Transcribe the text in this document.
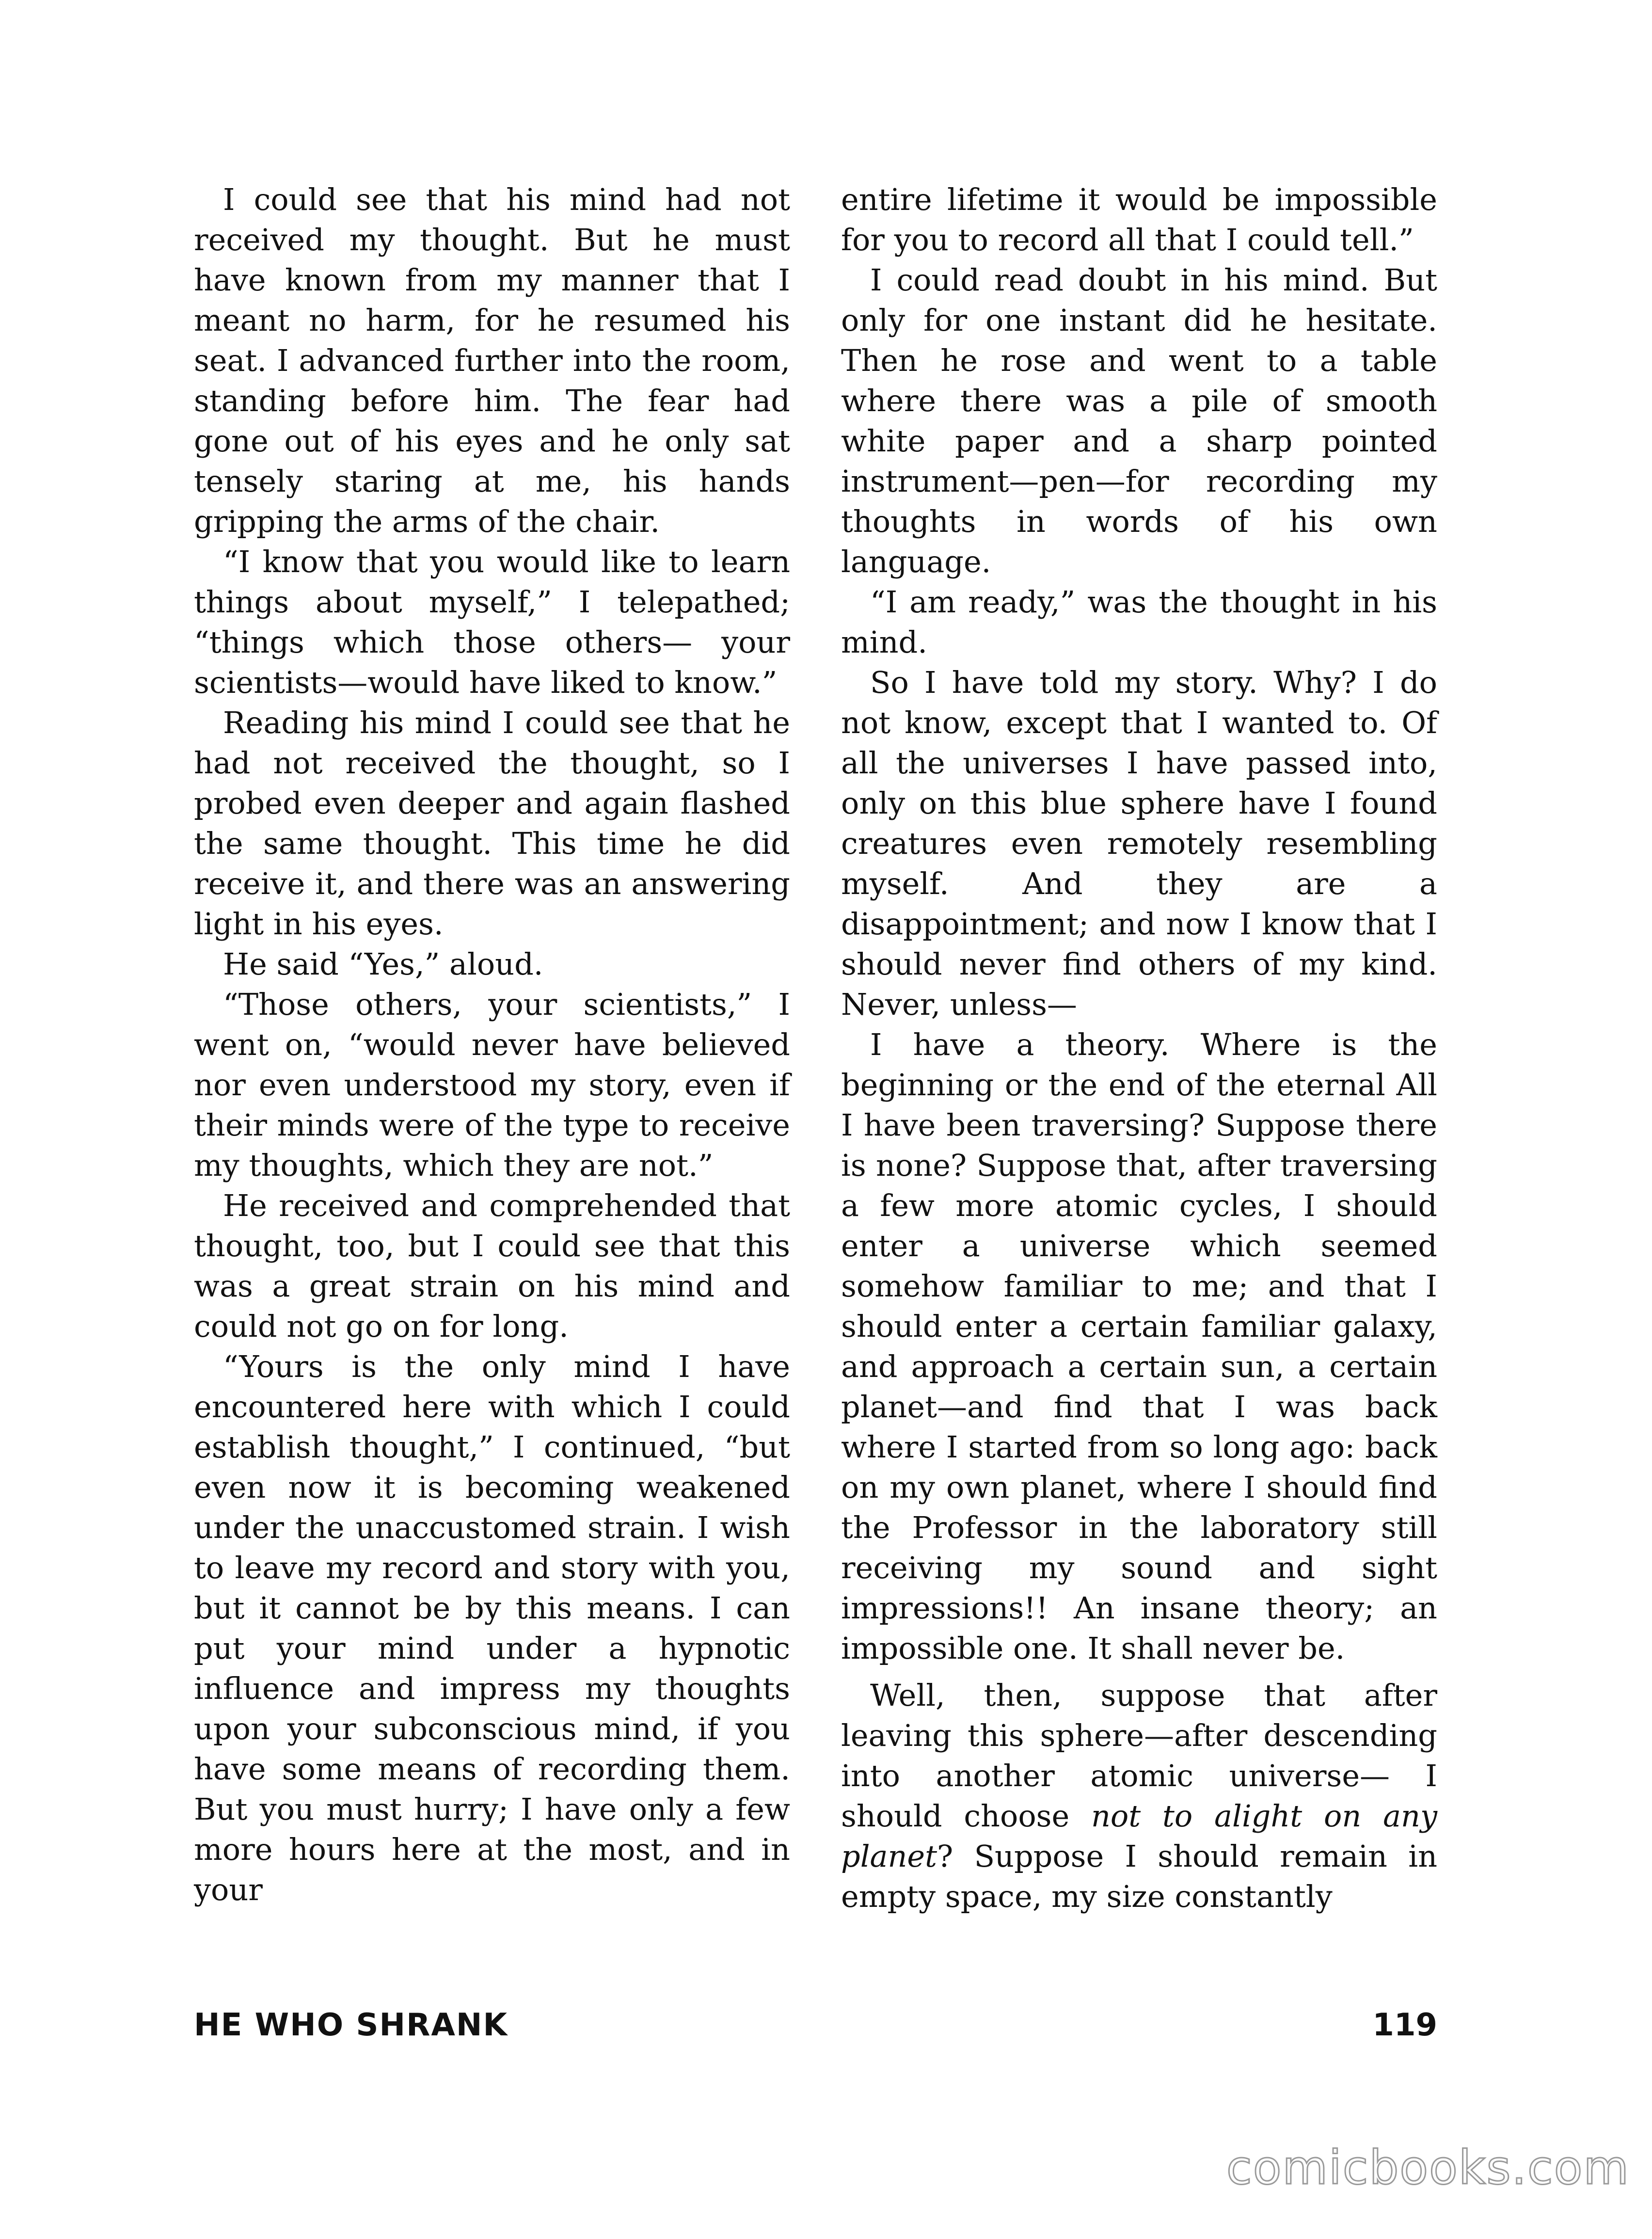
I could see that his mind had not received my thought. But he must have known from my manner that I meant no harm, for he resumed his seat. I advanced further into the room, standing before him. The fear had gone out of his eyes and he only sat tensely staring at me, his hands gripping the arms of the chair.

“I know that you would like to learn things about myself,” I telepathed; “things which those others— your scientists—would have liked to know.”

Reading his mind I could see that he had not received the thought, so I probed even deeper and again flashed the same thought. This time he did receive it, and there was an answering light in his eyes.

He said “Yes,” aloud.

“Those others, your scientists,” I went on, “would never have believed nor even understood my story, even if their minds were of the type to receive my thoughts, which they are not.”

He received and comprehended that thought, too, but I could see that this was a great strain on his mind and could not go on for long.

“Yours is the only mind I have encountered here with which I could establish thought,” I continued, “but even now it is becoming weakened under the unaccustomed strain. I wish to leave my record and story with you, but it cannot be by this means. I can put your mind under a hypnotic influence and impress my thoughts upon your subconscious mind, if you have some means of recording them. But you must hurry; I have only a few more hours here at the most, and in your

entire lifetime it would be impossible for you to record all that I could tell.”

I could read doubt in his mind. But only for one instant did he hesitate. Then he rose and went to a table where there was a pile of smooth white paper and a sharp pointed instrument—pen—for recording my thoughts in words of his own language.

“I am ready,” was the thought in his mind.

So I have told my story. Why? I do not know, except that I wanted to. Of all the universes I have passed into, only on this blue sphere have I found creatures even remotely resembling myself. And they are a disappointment; and now I know that I should never find others of my kind. Never, unless—

I have a theory. Where is the beginning or the end of the eternal All I have been traversing? Suppose there is none? Suppose that, after traversing a few more atomic cycles, I should enter a universe which seemed somehow familiar to me; and that I should enter a certain familiar galaxy, and approach a certain sun, a certain planet—and find that I was back where I started from so long ago: back on my own planet, where I should find the Professor in the laboratory still receiving my sound and sight impressions!! An insane theory; an impossible one. It shall never be.

Well, then, suppose that after leaving this sphere—after descending into another atomic universe— I should choose not to alight on any planet? Suppose I should remain in empty space, my size constantly

HE WHO SHRANK	119
comicbooks.com
